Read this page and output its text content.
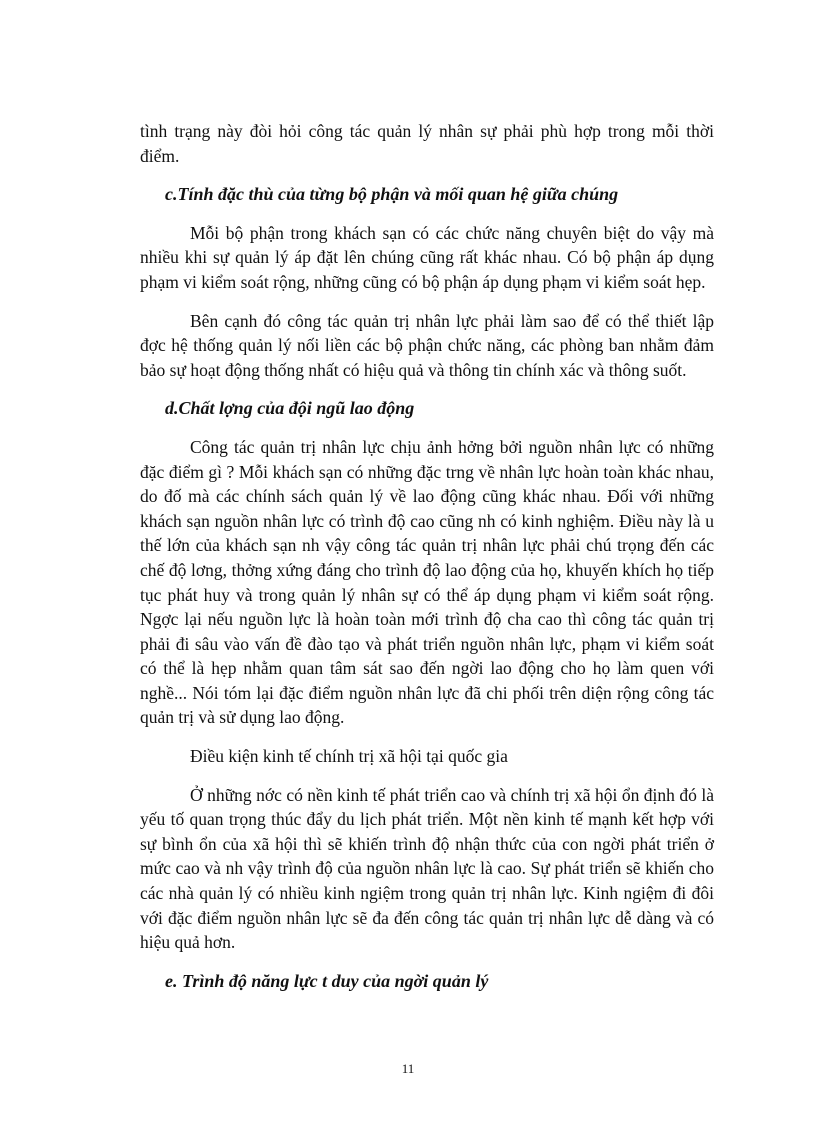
tình trạng này đòi hỏi công tác quản lý nhân sự phải phù hợp trong mỗi thời điểm.

c.Tính đặc thù của từng bộ phận và mối quan hệ giữa chúng

Mỗi bộ phận trong khách sạn có các chức năng chuyên biệt do vậy mà nhiều khi sự quản lý áp đặt lên chúng cũng rất khác nhau. Có bộ phận áp dụng phạm vi kiểm soát rộng, những cũng có bộ phận áp dụng phạm vi kiểm soát hẹp.

Bên cạnh đó công tác quản trị nhân lực phải làm sao để có thể thiết lập đợc hệ thống quản lý nối liền các bộ phận chức năng, các phòng ban nhằm đảm bảo sự hoạt động thống nhất có hiệu quả và thông tin chính xác và thông suốt.

d.Chất lợng của đội ngũ lao động

Công tác quản trị nhân lực chịu ảnh hởng bởi nguồn nhân lực có những đặc điểm gì ? Mỗi khách sạn có những đặc trng về nhân lực hoàn toàn khác nhau, do đố mà các chính sách quản lý về lao động cũng khác nhau. Đối với những khách sạn nguồn nhân lực có trình độ cao cũng nh có kinh nghiệm. Điều này là u thế lớn của khách sạn nh vậy công tác quản trị nhân lực phải chú trọng đến các chế độ lơng, thởng xứng đáng cho trình độ lao động của họ, khuyến khích họ tiếp tục phát huy và trong quản lý nhân sự có thể áp dụng phạm vi kiểm soát rộng. Ngợc lại nếu nguồn lực là hoàn toàn mới trình độ cha cao thì công tác quản trị phải đi sâu vào vấn đề đào tạo và phát triển nguồn nhân lực, phạm vi kiểm soát có thể là hẹp nhằm quan tâm sát sao đến ngời lao động cho họ làm quen với nghề... Nói tóm lại đặc điểm nguồn nhân lực đã chi phối trên diện rộng công tác quản trị và sử dụng lao động.

Điều kiện kinh tế chính trị xã hội tại quốc gia

Ở những nớc có nền kinh tế phát triển cao và chính trị xã hội ổn định đó là yếu tố quan trọng thúc đẩy du lịch phát triển. Một nền kinh tế mạnh kết hợp với sự bình ổn của xã hội thì sẽ khiến trình độ nhận thức của con ngời phát triển ở mức cao và nh vậy trình độ của nguồn nhân lực là cao. Sự phát triển sẽ khiến cho các nhà quản lý có nhiều kinh ngiệm trong quản trị nhân lực. Kinh ngiệm đi đôi với đặc điểm nguồn nhân lực sẽ đa đến công tác quản trị nhân lực dễ dàng và có hiệu quả hơn.

e. Trình độ năng lực t duy của ngời quản lý

11
